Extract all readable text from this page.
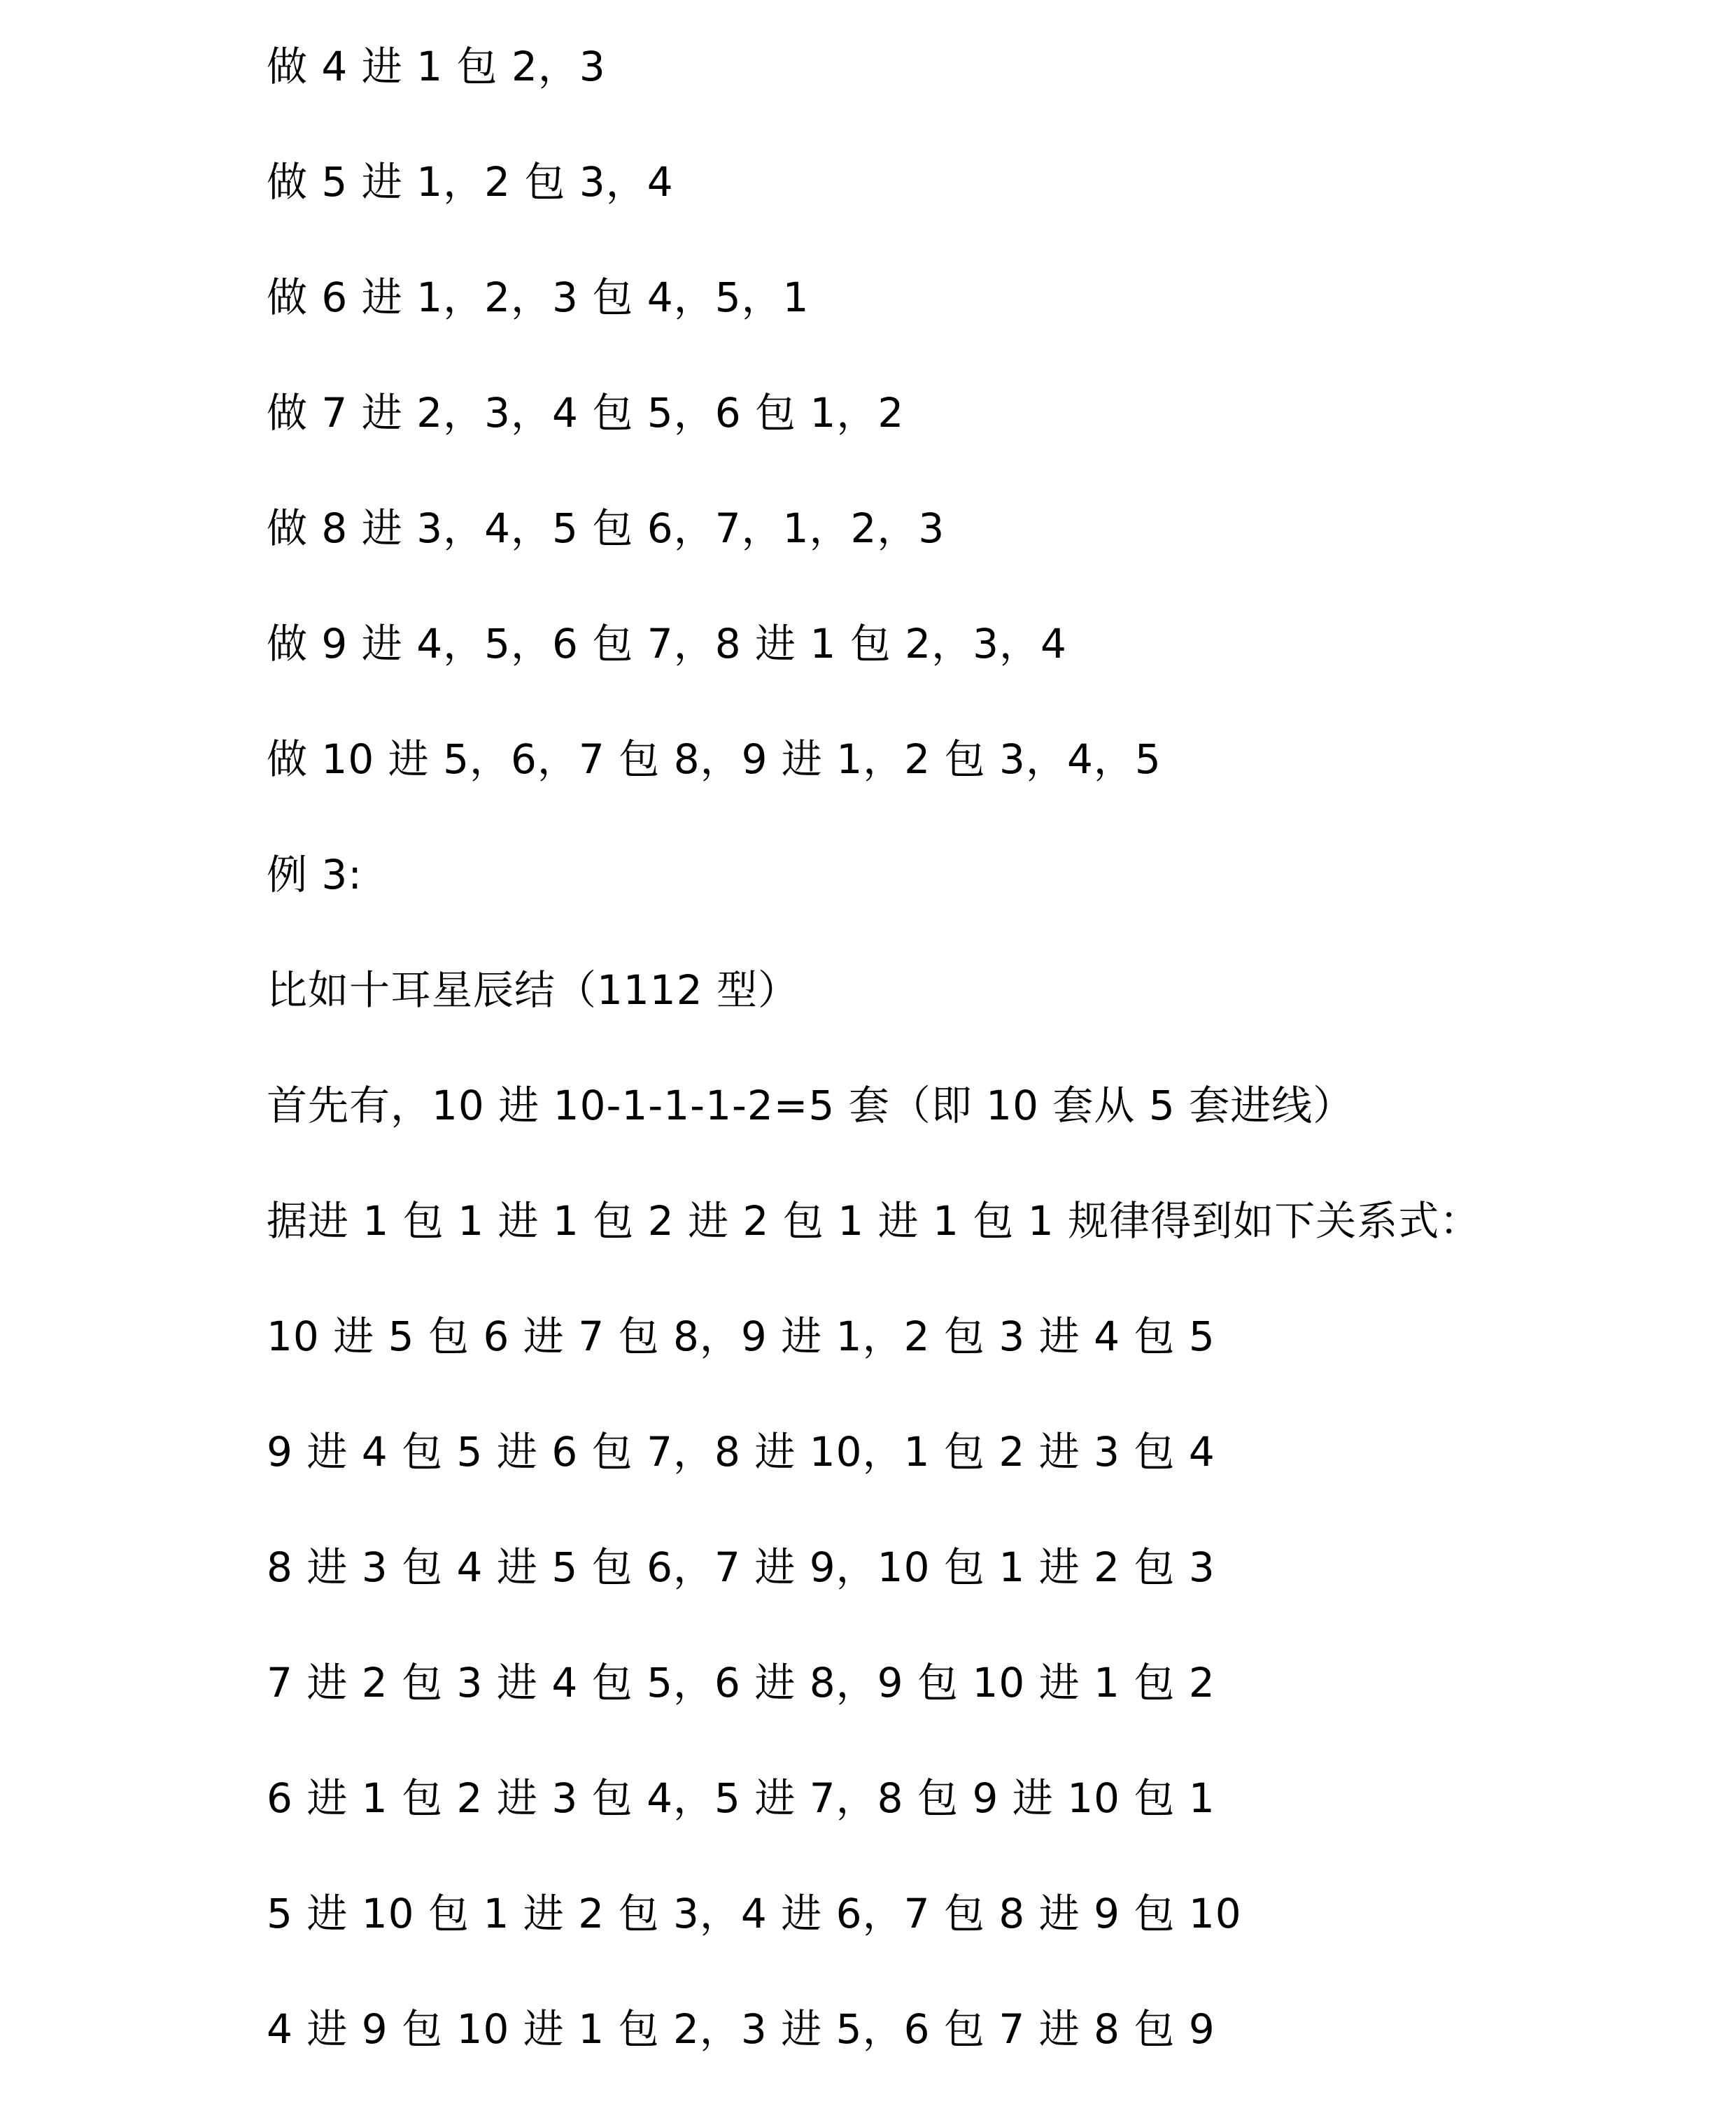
做 4 进 1 包 2，3
做 5 进 1，2 包 3，4
做 6 进 1，2，3 包 4，5，1
做 7 进 2，3，4 包 5，6 包 1，2
做 8 进 3，4，5 包 6，7，1，2，3
做 9 进 4，5，6 包 7，8 进 1 包 2，3，4
做 10 进 5，6，7 包 8，9 进 1，2 包 3，4，5
例 3:
比如十耳星辰结（1112 型）
首先有，10 进 10-1-1-1-2=5 套（即 10 套从 5 套进线）
据进 1 包 1 进 1 包 2 进 2 包 1 进 1 包 1 规律得到如下关系式：
10 进 5 包 6 进 7 包 8，9 进 1，2 包 3 进 4 包 5
9 进 4 包 5 进 6 包 7，8 进 10，1 包 2 进 3 包 4
8 进 3 包 4 进 5 包 6，7 进 9，10 包 1 进 2 包 3
7 进 2 包 3 进 4 包 5，6 进 8，9 包 10 进 1 包 2
6 进 1 包 2 进 3 包 4，5 进 7，8 包 9 进 10 包 1
5 进 10 包 1 进 2 包 3，4 进 6，7 包 8 进 9 包 10
4 进 9 包 10 进 1 包 2，3 进 5，6 包 7 进 8 包 9
